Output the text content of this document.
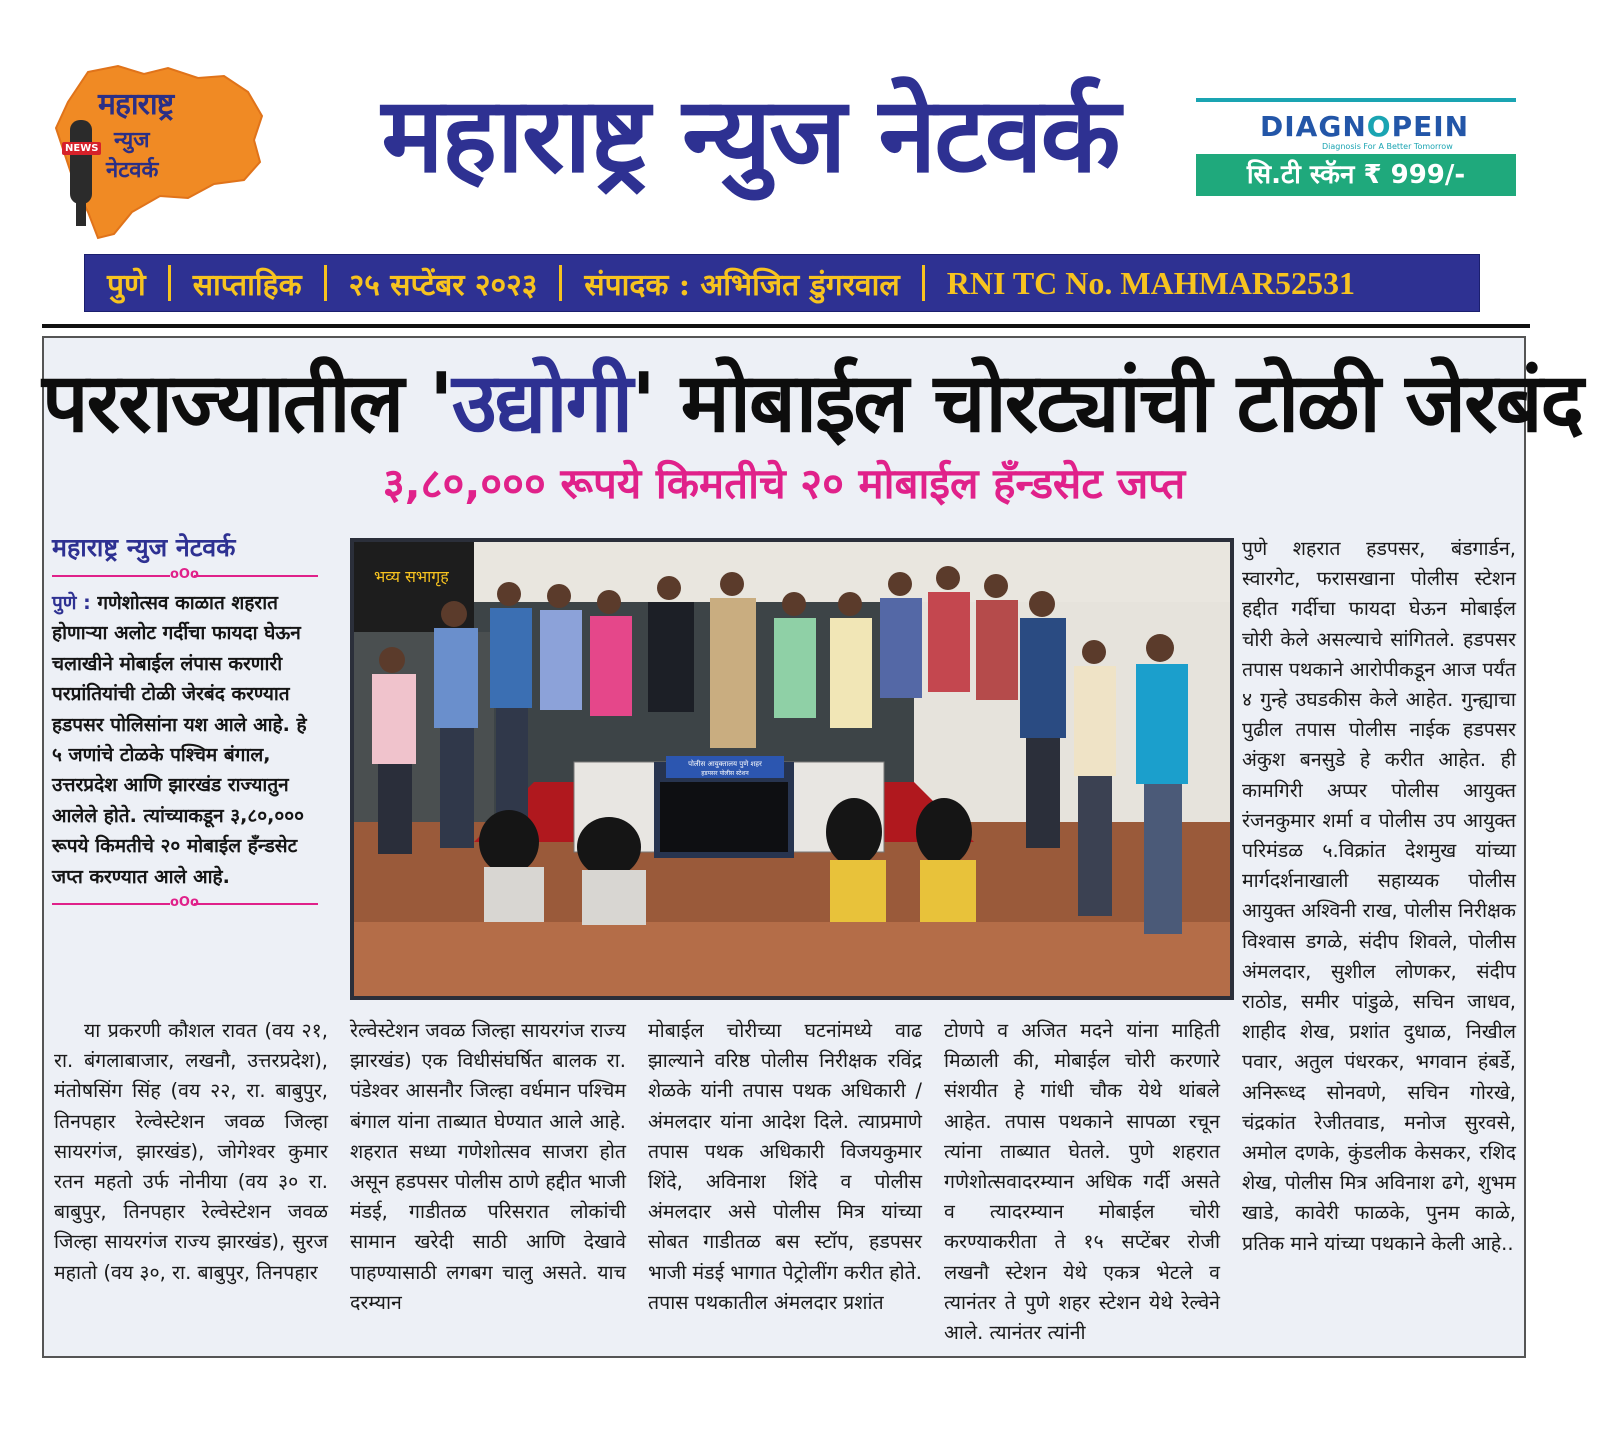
महाराष्ट्र
न्युज
नेटवर्क
NEWS	महाराष्ट्र न्युज नेटवर्क	DIAGNOPEIN
Diagnosis For A Better Tomorrow
सि.टी स्कॅन ₹ 999/-
पुणे	साप्ताहिक	२५ सप्टेंबर २०२३	संपादक : अभिजित डुंगरवाल	RNI TC No. MAHMAR52531
परराज्यातील 'उद्योगी' मोबाईल चोरट्यांची टोळी जेरबंद
३,८०,००० रूपये किमतीचे २० मोबाईल हँन्डसेट जप्त
महाराष्ट्र न्युज नेटवर्क
oOo
पुणे : गणेशोत्सव काळात शहरात होणाऱ्या अलोट गर्दीचा फायदा घेऊन चलाखीने मोबाईल लंपास करणारी परप्रांतियांची टोळी जेरबंद करण्यात हडपसर पोलिसांना यश आले आहे. हे ५ जणांचे टोळके पश्चिम बंगाल, उत्तरप्रदेश आणि झारखंड राज्यातुन आलेले होते. त्यांच्याकडून ३,८०,००० रूपये किमतीचे २० मोबाईल हँन्डसेट जप्त करण्यात आले आहे.
oOo
पोलीस आयुक्तालय पुणे शहर
हडपसर पोलीस स्टेशन
भव्य सभागृह

या प्रकरणी कौशल रावत (वय २१, रा. बंगलाबाजार, लखनौ, उत्तरप्रदेश), मंतोषसिंग सिंह (वय २२, रा. बाबुपुर, तिनपहार रेल्वेस्टेशन जवळ जिल्हा सायरगंज, झारखंड), जोगेश्वर कुमार रतन महतो उर्फ नोनीया (वय ३० रा. बाबुपुर, तिनपहार रेल्वेस्टेशन जवळ जिल्हा सायरगंज राज्य झारखंड), सुरज महातो (वय ३०, रा. बाबुपुर, तिनपहार

रेल्वेस्टेशन जवळ जिल्हा सायरगंज राज्य झारखंड) एक विधीसंघर्षित बालक रा. पंडेश्वर आसनौर जिल्हा वर्धमान पश्चिम बंगाल यांना ताब्यात घेण्यात आले आहे. शहरात सध्या गणेशोत्सव साजरा होत असून हडपसर पोलीस ठाणे हद्दीत भाजी मंडई, गाडीतळ परिसरात लोकांची सामान खरेदी साठी आणि देखावे पाहण्यासाठी लगबग चालु असते. याच दरम्यान

मोबाईल चोरीच्या घटनांमध्ये वाढ झाल्याने वरिष्ठ पोलीस निरीक्षक रविंद्र शेळके यांनी तपास पथक अधिकारी / अंमलदार यांना आदेश दिले. त्याप्रमाणे तपास पथक अधिकारी विजयकुमार शिंदे, अविनाश शिंदे व पोलीस अंमलदार असे पोलीस मित्र यांच्या सोबत गाडीतळ बस स्टॉप, हडपसर भाजी मंडई भागात पेट्रोलींग करीत होते. तपास पथकातील अंमलदार प्रशांत

टोणपे व अजित मदने यांना माहिती मिळाली की, मोबाईल चोरी करणारे संशयीत हे गांधी चौक येथे थांबले आहेत. तपास पथकाने सापळा रचून त्यांना ताब्यात घेतले. पुणे शहरात गणेशोत्सवादरम्यान अधिक गर्दी असते व त्यादरम्यान मोबाईल चोरी करण्याकरीता ते १५ सप्टेंबर रोजी लखनौ स्टेशन येथे एकत्र भेटले व त्यानंतर ते पुणे शहर स्टेशन येथे रेल्वेने आले. त्यानंतर त्यांनी

पुणे शहरात हडपसर, बंडगार्डन, स्वारगेट, फरासखाना पोलीस स्टेशन हद्दीत गर्दीचा फायदा घेऊन मोबाईल चोरी केले असल्याचे सांगितले. हडपसर तपास पथकाने आरोपीकडून आज पर्यंत ४ गुन्हे उघडकीस केले आहेत. गुन्ह्याचा पुढील तपास पोलीस नाईक हडपसर अंकुश बनसुडे हे करीत आहेत. ही कामगिरी अप्पर पोलीस आयुक्त रंजनकुमार शर्मा व पोलीस उप आयुक्त परिमंडळ ५.विक्रांत देशमुख यांच्या मार्गदर्शनाखाली सहाय्यक पोलीस आयुक्त अश्विनी राख, पोलीस निरीक्षक विश्वास डगळे, संदीप शिवले, पोलीस अंमलदार, सुशील लोणकर, संदीप राठोड, समीर पांडुळे, सचिन जाधव, शाहीद शेख, प्रशांत दुधाळ, निखील पवार, अतुल पंधरकर, भगवान हंबर्डे, अनिरूध्द सोनवणे, सचिन गोरखे, चंद्रकांत रेजीतवाड, मनोज सुरवसे, अमोल दणके, कुंडलीक केसकर, रशिद शेख, पोलीस मित्र अविनाश ढगे, शुभम खाडे, कावेरी फाळके, पुनम काळे, प्रतिक माने यांच्या पथकाने केली आहे..
